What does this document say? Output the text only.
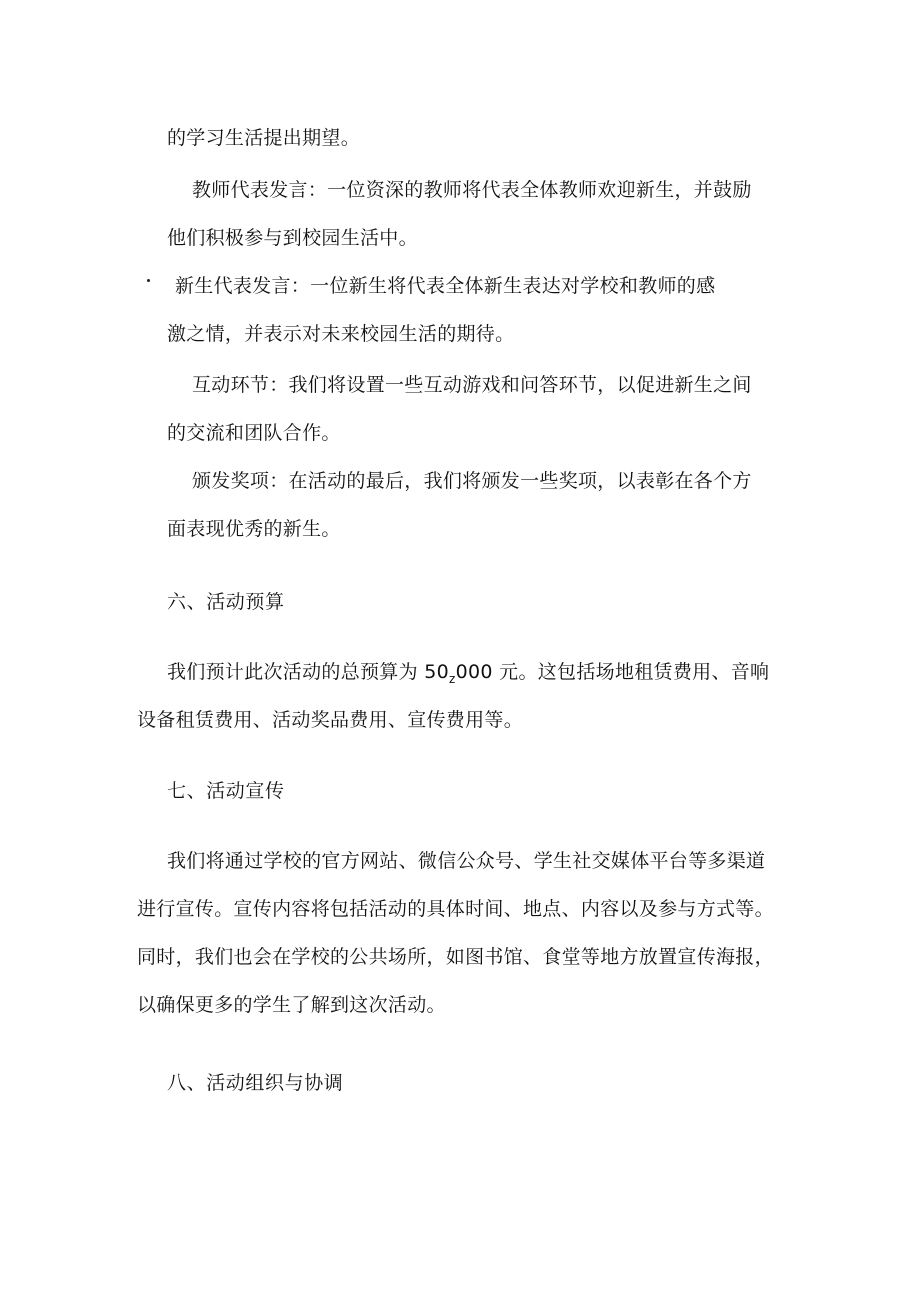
的学习生活提出期望。
教师代表发言：一位资深的教师将代表全体教师欢迎新生，并鼓励
他们积极参与到校园生活中。
新生代表发言：一位新生将代表全体新生表达对学校和教师的感
激之情，并表示对未来校园生活的期待。
互动环节：我们将设置一些互动游戏和问答环节，以促进新生之间
的交流和团队合作。
颁发奖项：在活动的最后，我们将颁发一些奖项，以表彰在各个方
面表现优秀的新生。
六、活动预算
我们预计此次活动的总预算为 $50_z000$ 元。这包括场地租赁费用、音响
设备租赁费用、活动奖品费用、宣传费用等。
七、活动宣传
我们将通过学校的官方网站、微信公众号、学生社交媒体平台等多渠道
进行宣传。宣传内容将包括活动的具体时间、地点、内容以及参与方式等。
同时，我们也会在学校的公共场所，如图书馆、食堂等地方放置宣传海报，
以确保更多的学生了解到这次活动。
八、活动组织与协调
